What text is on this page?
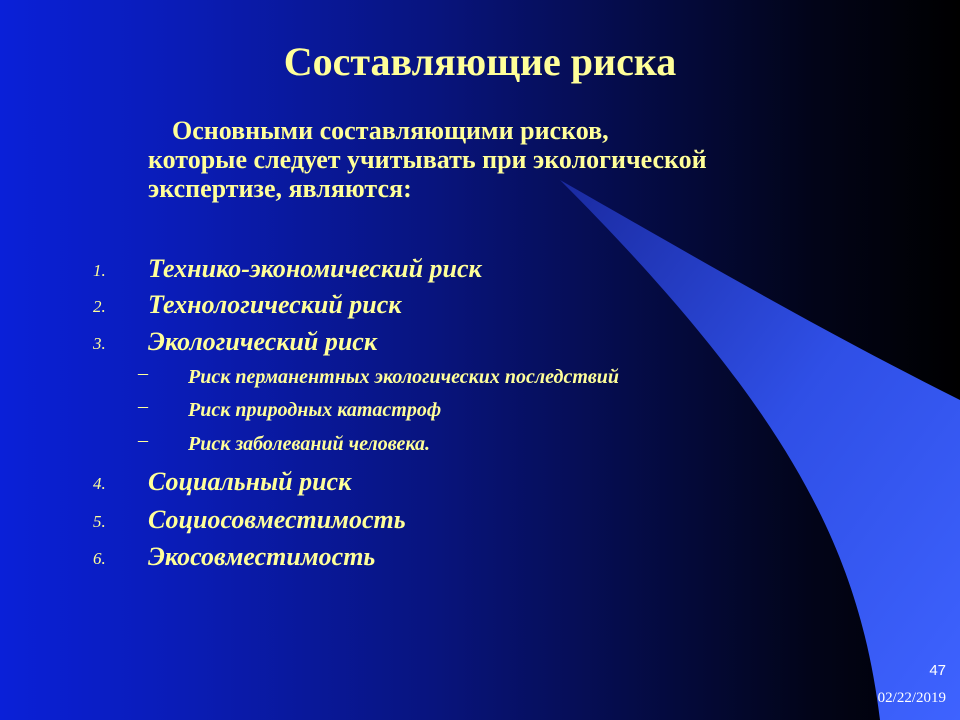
Составляющие риска
Основными составляющими рисков, которые следует учитывать при экологической экспертизе, являются:
1. Технико-экономический риск
2. Технологический риск
3. Экологический риск
– Риск перманентных экологических последствий
– Риск природных катастроф
– Риск заболеваний человека.
4. Социальный риск
5. Социосовместимость
6. Экосовместимость
47
02/22/2019
